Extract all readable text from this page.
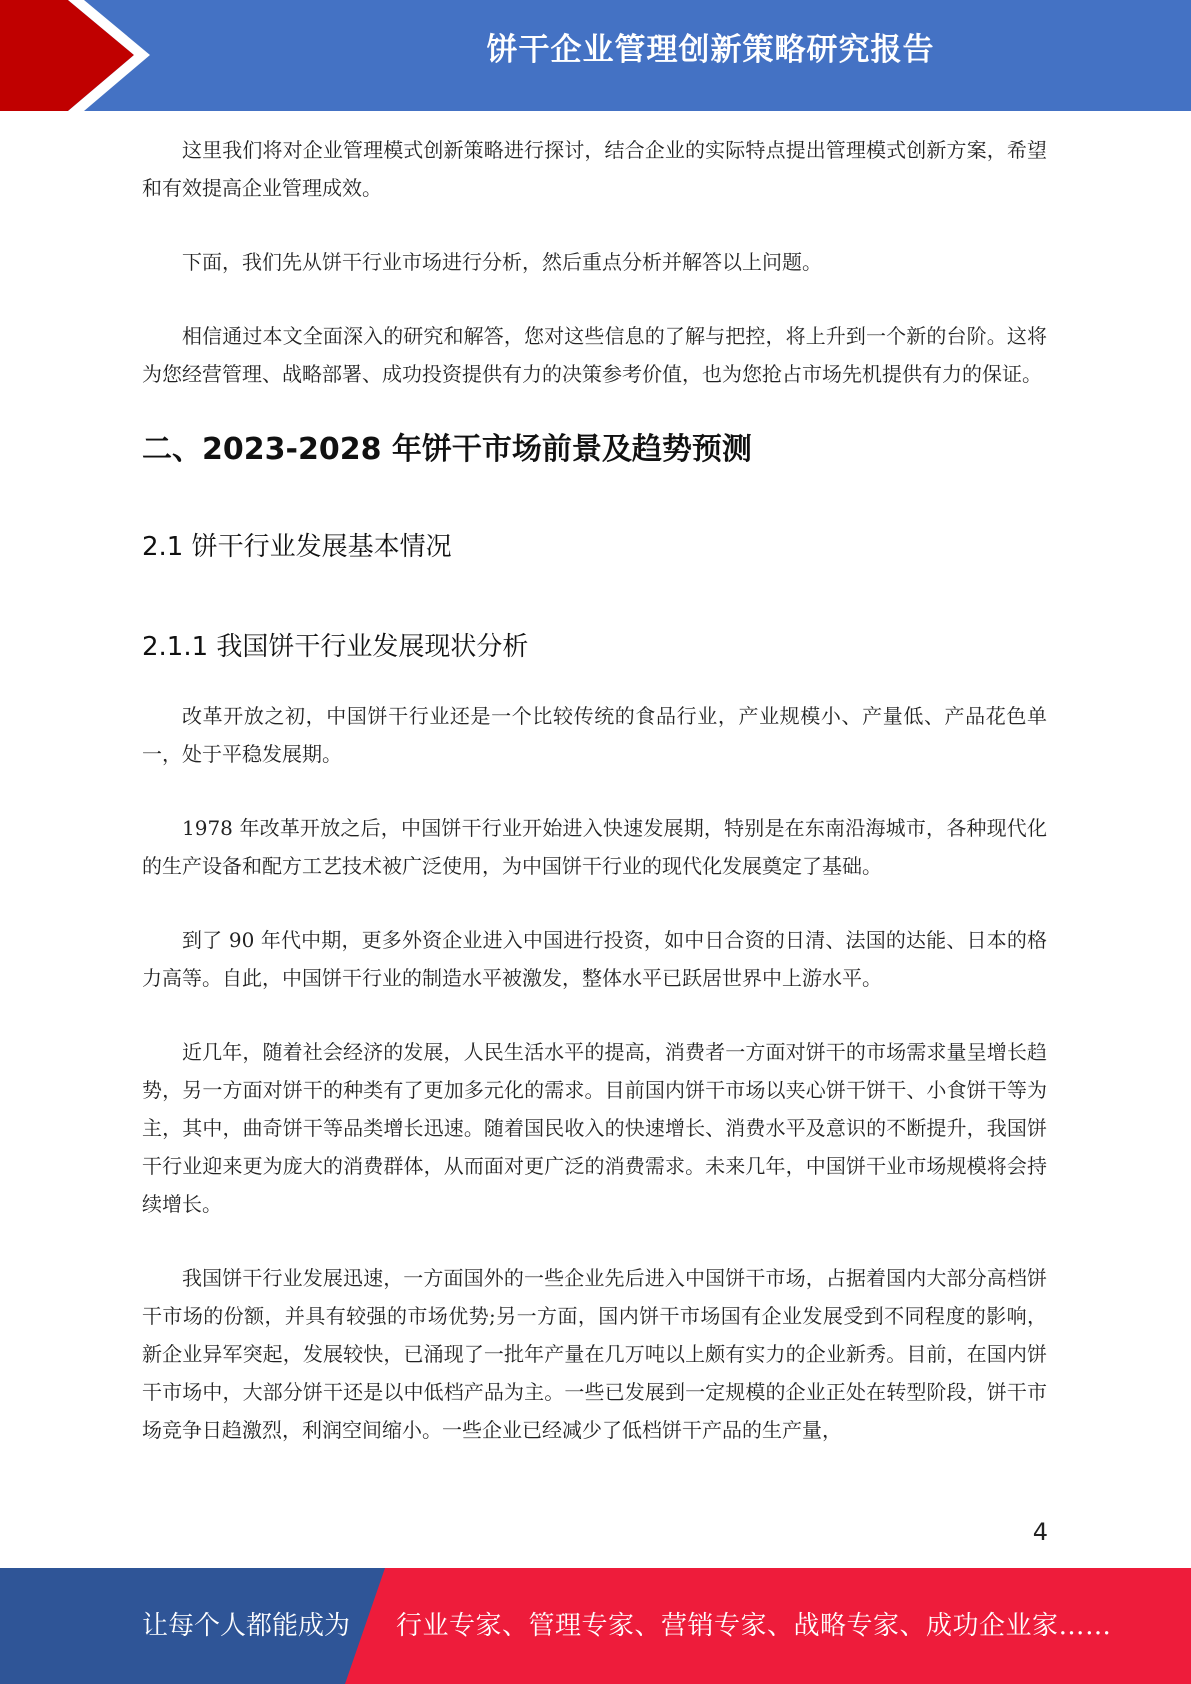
饼干企业管理创新策略研究报告

这里我们将对企业管理模式创新策略进行探讨，结合企业的实际特点提出管理模式创新方案，希望和有效提高企业管理成效。

下面，我们先从饼干行业市场进行分析，然后重点分析并解答以上问题。

相信通过本文全面深入的研究和解答，您对这些信息的了解与把控，将上升到一个新的台阶。这将为您经营管理、战略部署、成功投资提供有力的决策参考价值，也为您抢占市场先机提供有力的保证。

二、2023-2028 年饼干市场前景及趋势预测
2.1 饼干行业发展基本情况
2.1.1 我国饼干行业发展现状分析

改革开放之初，中国饼干行业还是一个比较传统的食品行业，产业规模小、产量低、产品花色单一，处于平稳发展期。

1978 年改革开放之后，中国饼干行业开始进入快速发展期，特别是在东南沿海城市，各种现代化的生产设备和配方工艺技术被广泛使用，为中国饼干行业的现代化发展奠定了基础。

到了 90 年代中期，更多外资企业进入中国进行投资，如中日合资的日清、法国的达能、日本的格力高等。自此，中国饼干行业的制造水平被激发，整体水平已跃居世界中上游水平。

近几年，随着社会经济的发展，人民生活水平的提高，消费者一方面对饼干的市场需求量呈增长趋势，另一方面对饼干的种类有了更加多元化的需求。目前国内饼干市场以夹心饼干饼干、小食饼干等为主，其中，曲奇饼干等品类增长迅速。随着国民收入的快速增长、消费水平及意识的不断提升，我国饼干行业迎来更为庞大的消费群体，从而面对更广泛的消费需求。未来几年，中国饼干业市场规模将会持续增长。

我国饼干行业发展迅速，一方面国外的一些企业先后进入中国饼干市场，占据着国内大部分高档饼干市场的份额，并具有较强的市场优势;另一方面，国内饼干市场国有企业发展受到不同程度的影响，新企业异军突起，发展较快，已涌现了一批年产量在几万吨以上颇有实力的企业新秀。目前，在国内饼干市场中，大部分饼干还是以中低档产品为主。一些已发展到一定规模的企业正处在转型阶段，饼干市场竞争日趋激烈，利润空间缩小。一些企业已经减少了低档饼干产品的生产量，

4
让每个人都能成为 行业专家、管理专家、营销专家、战略专家、成功企业家……
